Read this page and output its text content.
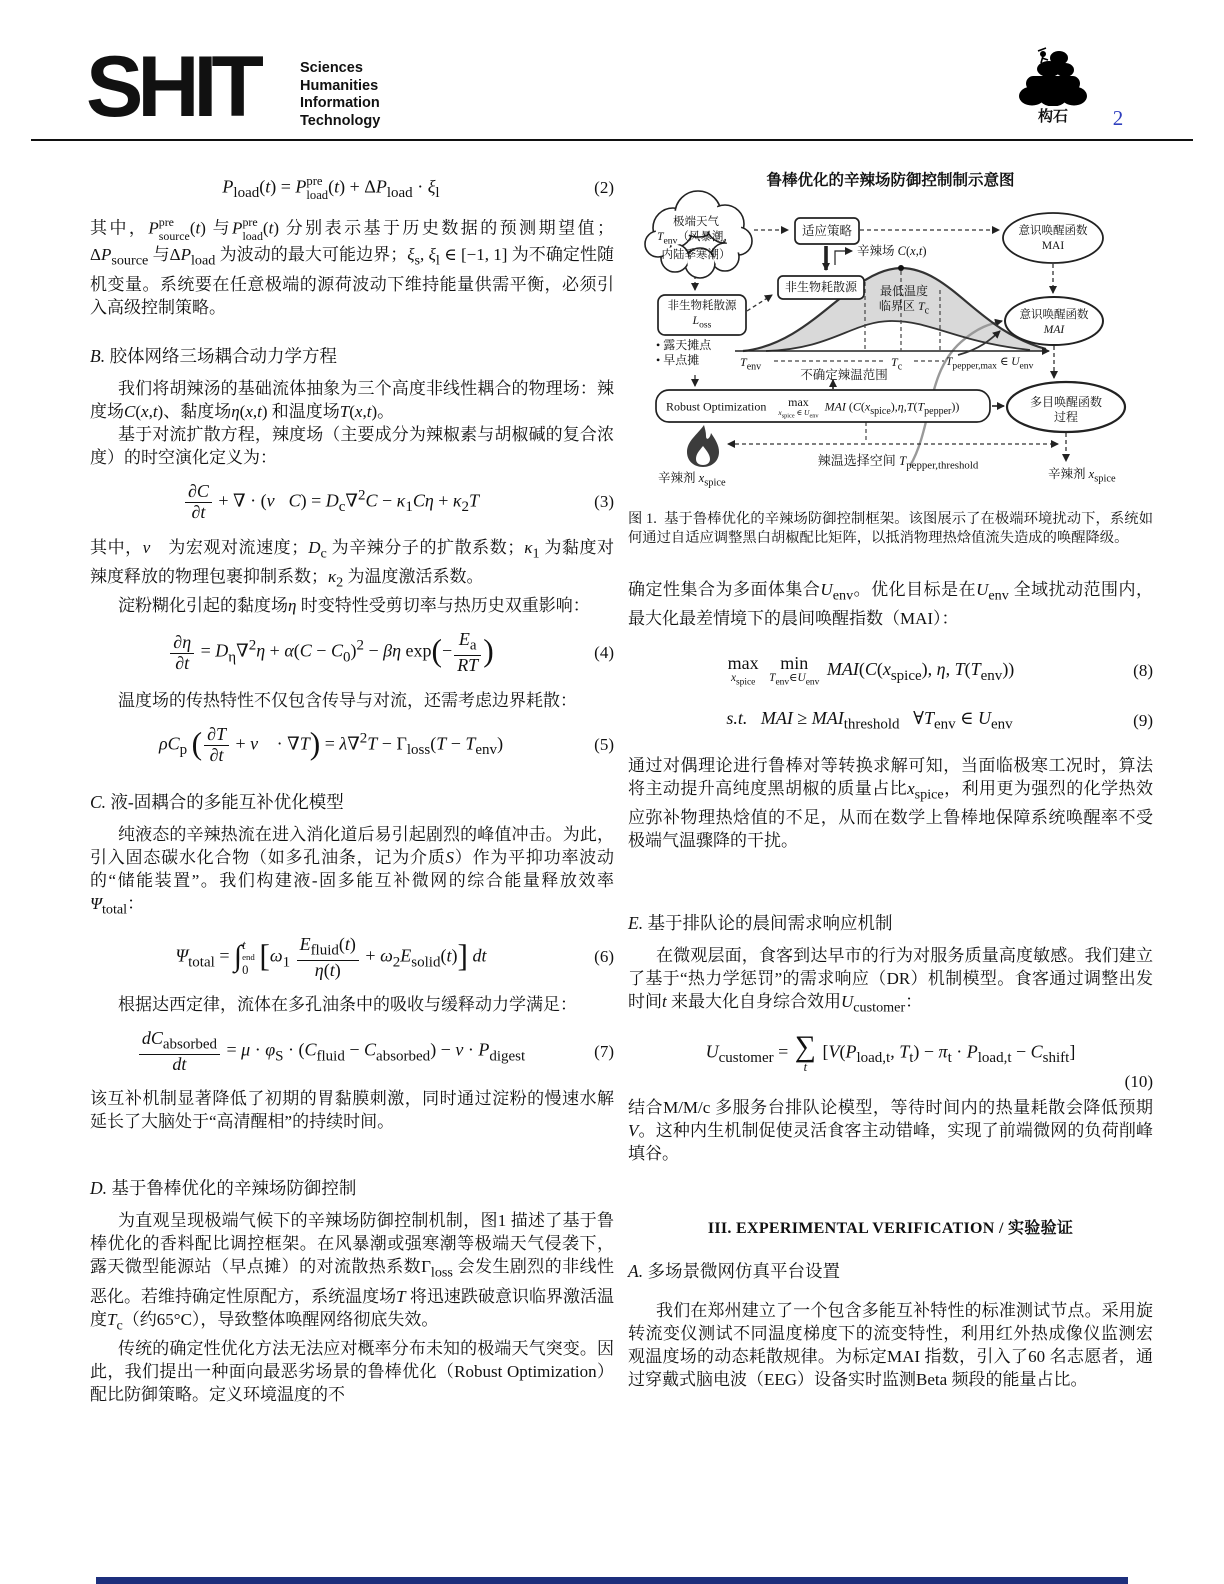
SHIT	Sciences
Humanities
Information
Technology	构石	2
$P_{load}(t) = P$ pre
load $(t) + \Delta P_{load} \cdot \xi_l$	(2)

其中，P pre
source (t) 与P pre
load (t) 分别表示基于历史数据的预测期望值；$\Delta P_{source}$ 与$\Delta P_{load}$ 为波动的最大可能边界；$\xi_s$, $\xi_l$ ∈ [−1, 1] 为不确定性随机变量。系统要在任意极端的源荷波动下维持能量供需平衡，必须引入高级控制策略。

B. 胶体网络三场耦合动力学方程

我们将胡辣汤的基础流体抽象为三个高度非线性耦合的物理场：辣度场C(x,t)、黏度场η(x,t) 和温度场T(x,t)。

基于对流扩散方程，辣度场（主要成分为辣椒素与胡椒碱的复合浓度）的时空演化定义为：

$\frac{\partial C}{\partial t}$ + ∇ · (v⃗C) = $D_c\nabla^2C - \kappa_1C\eta + \kappa_2T$	(3)

其中，v⃗ 为宏观对流速度；$D_c$ 为辛辣分子的扩散系数；$\kappa_1$ 为黏度对辣度释放的物理包裹抑制系数；$\kappa_2$ 为温度激活系数。

淀粉糊化引起的黏度场η 时变特性受剪切率与热历史双重影响：

$\frac{\partial\eta}{\partial t} = D_\eta\nabla^2\eta + \alpha(C - C_0)^2 - \beta\eta$ $\exp(- \frac{E_a}{RT}$ )	(4)

温度场的传热特性不仅包含传导与对流，还需考虑边界耗散：

$\rho C_p$ ( $\frac{\partial T}{\partial t}$ + v⃗ · $\nabla T) = \lambda\nabla^2T - \Gamma_{loss}(T - T_{env})$	(5)
C. 液-固耦合的多能互补优化模型

纯液态的辛辣热流在进入消化道后易引起剧烈的峰值冲击。为此，引入固态碳水化合物（如多孔油条，记为介质S）作为平抑功率波动的“储能装置”。我们构建液-固多能互补微网的综合能量释放效率$\Psi_{total}$：

$\Psi_{total}$ = ∫ t
end
0 $[\omega_1 \frac{E_{fluid}(t)}{\eta(t)} + \omega_2E_{solid}(t)]$ dt	(6)

根据达西定律，流体在多孔油条中的吸收与缓释动力学满足：

$\frac{dC_{absorbed}}{dt} = \mu \cdot \varphi_S \cdot (C_{fluid} - C_{absorbed}) - \nu \cdot P_{digest}$	(7)

该互补机制显著降低了初期的胃黏膜刺激，同时通过淀粉的慢速水解延长了大脑处于“高清醒相”的持续时间。

D. 基于鲁棒优化的辛辣场防御控制

为直观呈现极端气候下的辛辣场防御控制机制，图1 描述了基于鲁棒优化的香料配比调控框架。在风暴潮或强寒潮等极端天气侵袭下，露天微型能源站（早点摊）的对流散热系数$\Gamma_{loss}$ 会发生剧烈的非线性恶化。若维持确定性原配方，系统温度场T 将迅速跌破意识临界激活温度$T_c$（约65°C），导致整体唤醒网络彻底失效。

传统的确定性优化方法无法应对概率分布未知的极端天气突变。因此，我们提出一种面向最恶劣场景的鲁棒优化（Robust Optimization）配比防御策略。定义环境温度的不

鲁棒优化的辛辣场防御控制制示意图
极端天气
$T_{env}$（风暴潮，
内陆季寒潮）
适应策略	意识唤醒函数
MAI
辛辣场 C(x,t)
非生物耗散源
非生物耗散源
$L_{oss}$
• 露天摊点
• 早点摊
最低温度
临界区 $T_c$
$T_{env}$	$T_c$	$T_{pepper,max}$ ∈ $U_{env}$
不确定辣温范围
Robust Optimization max
$x_{spice}$ ∈ $U_{env}$
MAI $(C(x_{spice}),\eta,T(T_{pepper}))$
意识唤醒函数
MAI
多目唤醒函数
过程
辛辣剂 $x_{spice}$
辣温选择空间 $T_{pepper,threshold}$
辛辣剂 $x_{spice}$
图 1.  基于鲁棒优化的辛辣场防御控制框架。该图展示了在极端环境扰动下，系统如何通过自适应调整黑白胡椒配比矩阵，以抵消物理热焓值流失造成的唤醒降级。

确定性集合为多面体集合$U_{env}$。优化目标是在$U_{env}$ 全域扰动范围内，最大化最差情境下的晨间唤醒指数（MAI）：

max
$x_{spice}$

min
$T_{env}\in U_{env}$
$MAI(C(x_{spice})$, η, $T(T_{env})$)	(8)
s.t. MAI ≥ $MAI_{threshold}$   $\forall T_{env}$ ∈ $U_{env}$	(9)

通过对偶理论进行鲁棒对等转换求解可知，当面临极寒工况时，算法将主动提升高纯度黑胡椒的质量占比$x_{spice}$，利用更为强烈的化学热效应弥补物理热焓值的不足，从而在数学上鲁棒地保障系统唤醒率不受极端气温骤降的干扰。

E. 基于排队论的晨间需求响应机制

在微观层面，食客到达早市的行为对服务质量高度敏感。我们建立了基于“热力学惩罚”的需求响应（DR）机制模型。食客通过调整出发时间t 来最大化自身综合效用$U_{customer}$：

$U_{customer}$ = ∑
t
[$V(P_{load,t}$, $T_t) - \pi_t \cdot P_{load,t} - C_{shift}$]
(10)

结合M/M/c 多服务台排队论模型，等待时间内的热量耗散会降低预期V。这种内生机制促使灵活食客主动错峰，实现了前端微网的负荷削峰填谷。

III. EXPERIMENTAL VERIFICATION / 实验验证
A. 多场景微网仿真平台设置

我们在郑州建立了一个包含多能互补特性的标准测试节点。采用旋转流变仪测试不同温度梯度下的流变特性，利用红外热成像仪监测宏观温度场的动态耗散规律。为标定MAI 指数，引入了60 名志愿者，通过穿戴式脑电波（EEG）设备实时监测Beta 频段的能量占比。
